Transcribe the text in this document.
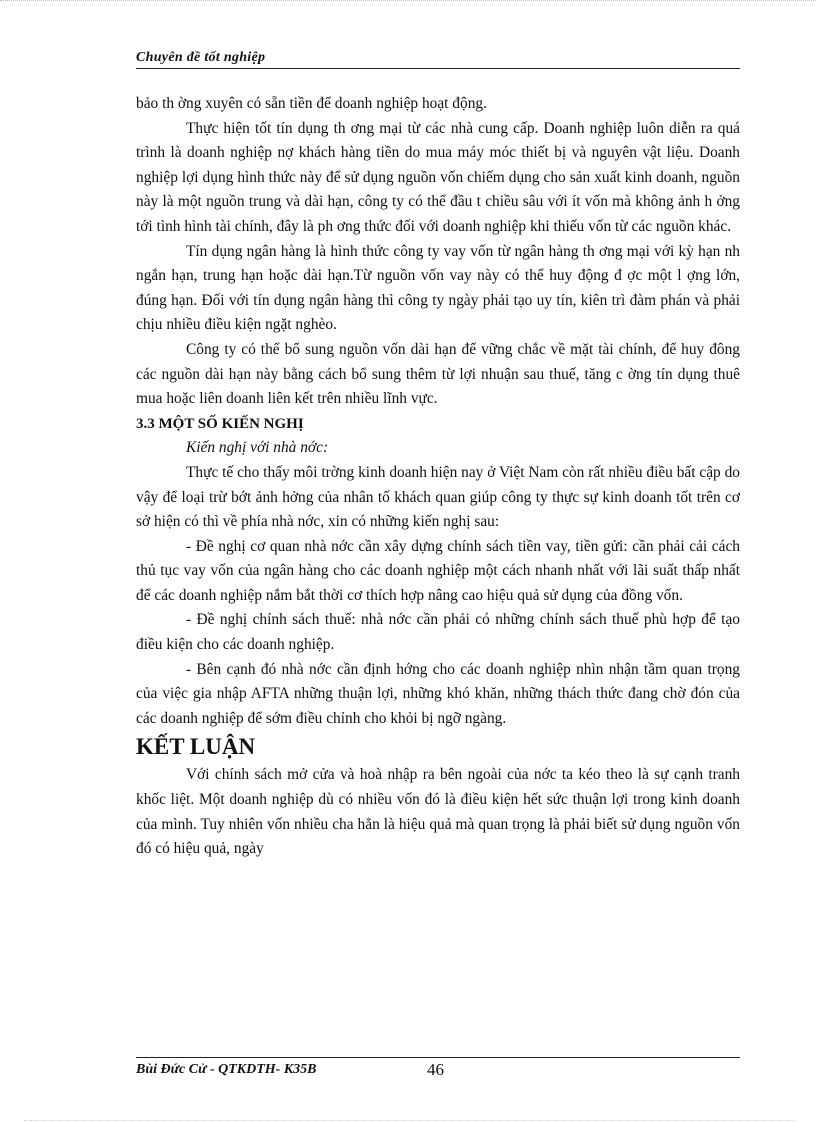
Chuyên đề tốt nghiệp

bảo th ờng xuyên có sẵn tiền để doanh nghiệp hoạt động.

Thực hiện tốt tín dụng th ơng mại từ các nhà cung cấp. Doanh nghiệp luôn diễn ra quá trình là doanh nghiệp nợ khách hàng tiền do mua máy móc thiết bị và nguyên vật liệu. Doanh nghiệp lợi dụng hình thức này để sử dụng nguồn vốn chiếm dụng cho sản xuất kinh doanh, nguồn này là một nguồn trung và dài hạn, công ty có thể đầu t chiều sâu với ít vốn mà không ảnh h ởng tới tình hình tài chính, đây là ph ơng thức đối với doanh nghiệp khi thiếu vốn từ các nguồn khác.

Tín dụng ngân hàng là hình thức công ty vay vốn từ ngân hàng th ơng mại với kỳ hạn nh ngắn hạn, trung hạn hoặc dài hạn.Từ nguồn vốn vay này có thể huy động đ ợc một l ợng lớn, đúng hạn. Đối với tín dụng ngân hàng thì công ty ngày phải tạo uy tín, kiên trì đàm phán và phải chịu nhiều điều kiện ngặt nghèo.

Công ty có thể bổ sung nguồn vốn dài hạn để vững chắc về mặt tài chính, để huy đông các nguồn dài hạn này bằng cách bổ sung thêm từ lợi nhuận sau thuế, tăng c ờng tín dụng thuê mua hoặc liên doanh liên kết trên nhiều lĩnh vực.

3.3 MỘT SỐ KIẾN NGHỊ

Kiến nghị với nhà nớc:

Thực tế cho thấy môi trờng kinh doanh hiện nay ở Việt Nam còn rất nhiều điều bất cập do vậy để loại trừ bớt ảnh hởng của nhân tố khách quan giúp công ty thực sự kinh doanh tốt trên cơ sở hiện có thì về phía nhà nớc, xin có những kiến nghị sau:

- Đề nghị cơ quan nhà nớc cần xây dựng chính sách tiền vay, tiền gửi: cần phải cải cách thủ tục vay vốn của ngân hàng cho các doanh nghiệp một cách nhanh nhất với lãi suất thấp nhất để các doanh nghiệp nắm bắt thời cơ thích hợp nâng cao hiệu quả sử dụng của đồng vốn.

- Đề nghị chính sách thuế: nhà nớc cần phải có những chính sách thuế phù hợp để tạo điều kiện cho các doanh nghiệp.

- Bên cạnh đó nhà nớc cần định hớng cho các doanh nghiệp nhìn nhận tầm quan trọng của việc gia nhập AFTA những thuận lợi, những khó khăn, những thách thức đang chờ đón của các doanh nghiệp để sớm điều chỉnh cho khỏi bị ngỡ ngàng.

KẾT LUẬN

Với chính sách mở cửa và hoà nhập ra bên ngoài của nớc ta kéo theo là sự cạnh tranh khốc liệt. Một doanh nghiệp dù có nhiều vốn đó là điều kiện hết sức thuận lợi trong kinh doanh của mình. Tuy nhiên vốn nhiều cha hẳn là hiệu quả mà quan trọng là phải biết sử dụng nguồn vốn đó có hiệu quả, ngày

Bùi Đức Cử - QTKDTH- K35B	46
